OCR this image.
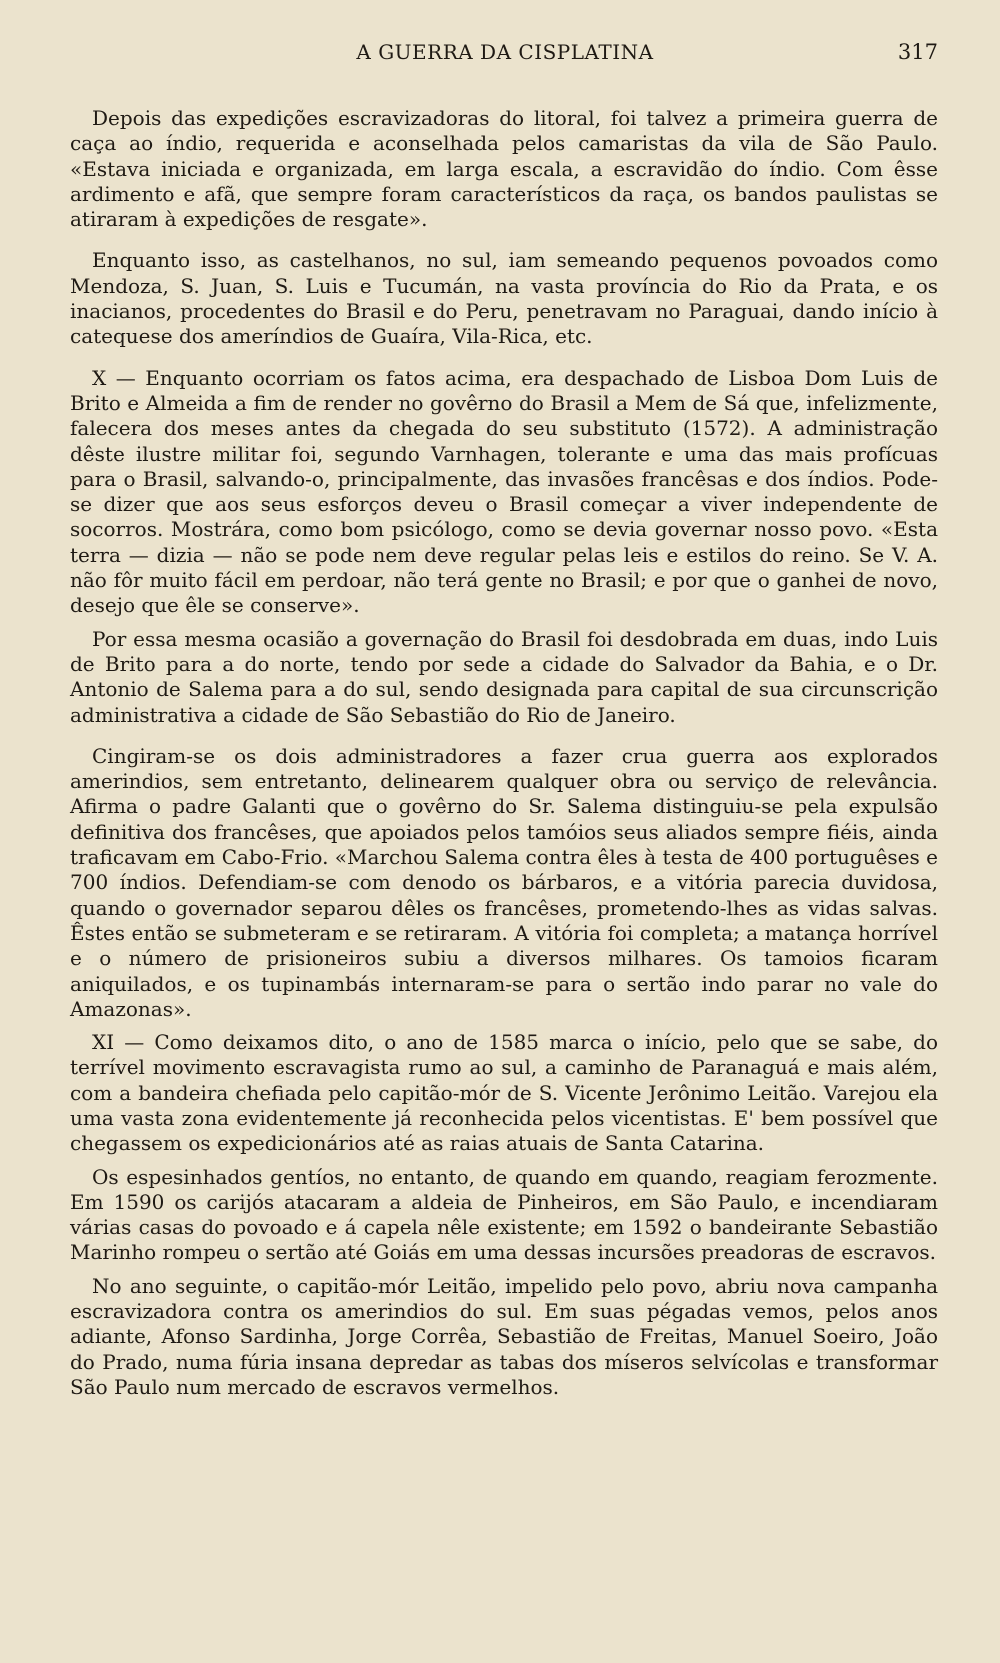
A GUERRA DA CISPLATINA	317

Depois das expedições escravizadoras do litoral, foi talvez a primeira guerra de caça ao índio, requerida e aconselhada pelos camaristas da vila de São Paulo. «Estava iniciada e organizada, em larga escala, a escravidão do índio. Com êsse ardimento e afã, que sempre foram característicos da raça, os bandos paulistas se atiraram à expedições de resgate».

Enquanto isso, as castelhanos, no sul, iam semeando pequenos povoados como Mendoza, S. Juan, S. Luis e Tucumán, na vasta província do Rio da Prata, e os inacianos, procedentes do Brasil e do Peru, penetravam no Paraguai, dando início à catequese dos ameríndios de Guaíra, Vila-Rica, etc.

X — Enquanto ocorriam os fatos acima, era despachado de Lisboa Dom Luis de Brito e Almeida a fim de render no govêrno do Brasil a Mem de Sá que, infelizmente, falecera dos meses antes da chegada do seu substituto (1572). A administração dêste ilustre militar foi, segundo Varnhagen, tolerante e uma das mais profícuas para o Brasil, salvando-o, principalmente, das invasões francêsas e dos índios. Pode-se dizer que aos seus esforços deveu o Brasil começar a viver independente de socorros. Mostrára, como bom psicólogo, como se devia governar nosso povo. «Esta terra — dizia — não se pode nem deve regular pelas leis e estilos do reino. Se V. A. não fôr muito fácil em perdoar, não terá gente no Brasil; e por que o ganhei de novo, desejo que êle se conserve».

Por essa mesma ocasião a governação do Brasil foi desdobrada em duas, indo Luis de Brito para a do norte, tendo por sede a cidade do Salvador da Bahia, e o Dr. Antonio de Salema para a do sul, sendo designada para capital de sua circunscrição administrativa a cidade de São Sebastião do Rio de Janeiro.

Cingiram-se os dois administradores a fazer crua guerra aos explorados amerindios, sem entretanto, delinearem qualquer obra ou serviço de relevância. Afirma o padre Galanti que o govêrno do Sr. Salema distinguiu-se pela expulsão definitiva dos francêses, que apoiados pelos tamóios seus aliados sempre fiéis, ainda traficavam em Cabo-Frio. «Marchou Salema contra êles à testa de 400 portuguêses e 700 índios. Defendiam-se com denodo os bárbaros, e a vitória parecia duvidosa, quando o governador separou dêles os francêses, prometendo-lhes as vidas salvas. Êstes então se submeteram e se retiraram. A vitória foi completa; a matança horrível e o número de prisioneiros subiu a diversos milhares. Os tamoios ficaram aniquilados, e os tupinambás internaram-se para o sertão indo parar no vale do Amazonas».

XI — Como deixamos dito, o ano de 1585 marca o início, pelo que se sabe, do terrível movimento escravagista rumo ao sul, a caminho de Paranaguá e mais além, com a bandeira chefiada pelo capitão-mór de S. Vicente Jerônimo Leitão. Varejou ela uma vasta zona evidentemente já reconhecida pelos vicentistas. E' bem possível que chegassem os expedicionários até as raias atuais de Santa Catarina.

Os espesinhados gentíos, no entanto, de quando em quando, reagiam ferozmente. Em 1590 os carijós atacaram a aldeia de Pinheiros, em São Paulo, e incendiaram várias casas do povoado e á capela nêle existente; em 1592 o bandeirante Sebastião Marinho rompeu o sertão até Goiás em uma dessas incursões preadoras de escravos.

No ano seguinte, o capitão-mór Leitão, impelido pelo povo, abriu nova campanha escravizadora contra os amerindios do sul. Em suas pégadas vemos, pelos anos adiante, Afonso Sardinha, Jorge Corrêa, Sebastião de Freitas, Manuel Soeiro, João do Prado, numa fúria insana depredar as tabas dos míseros selvícolas e transformar São Paulo num mercado de escravos vermelhos.
